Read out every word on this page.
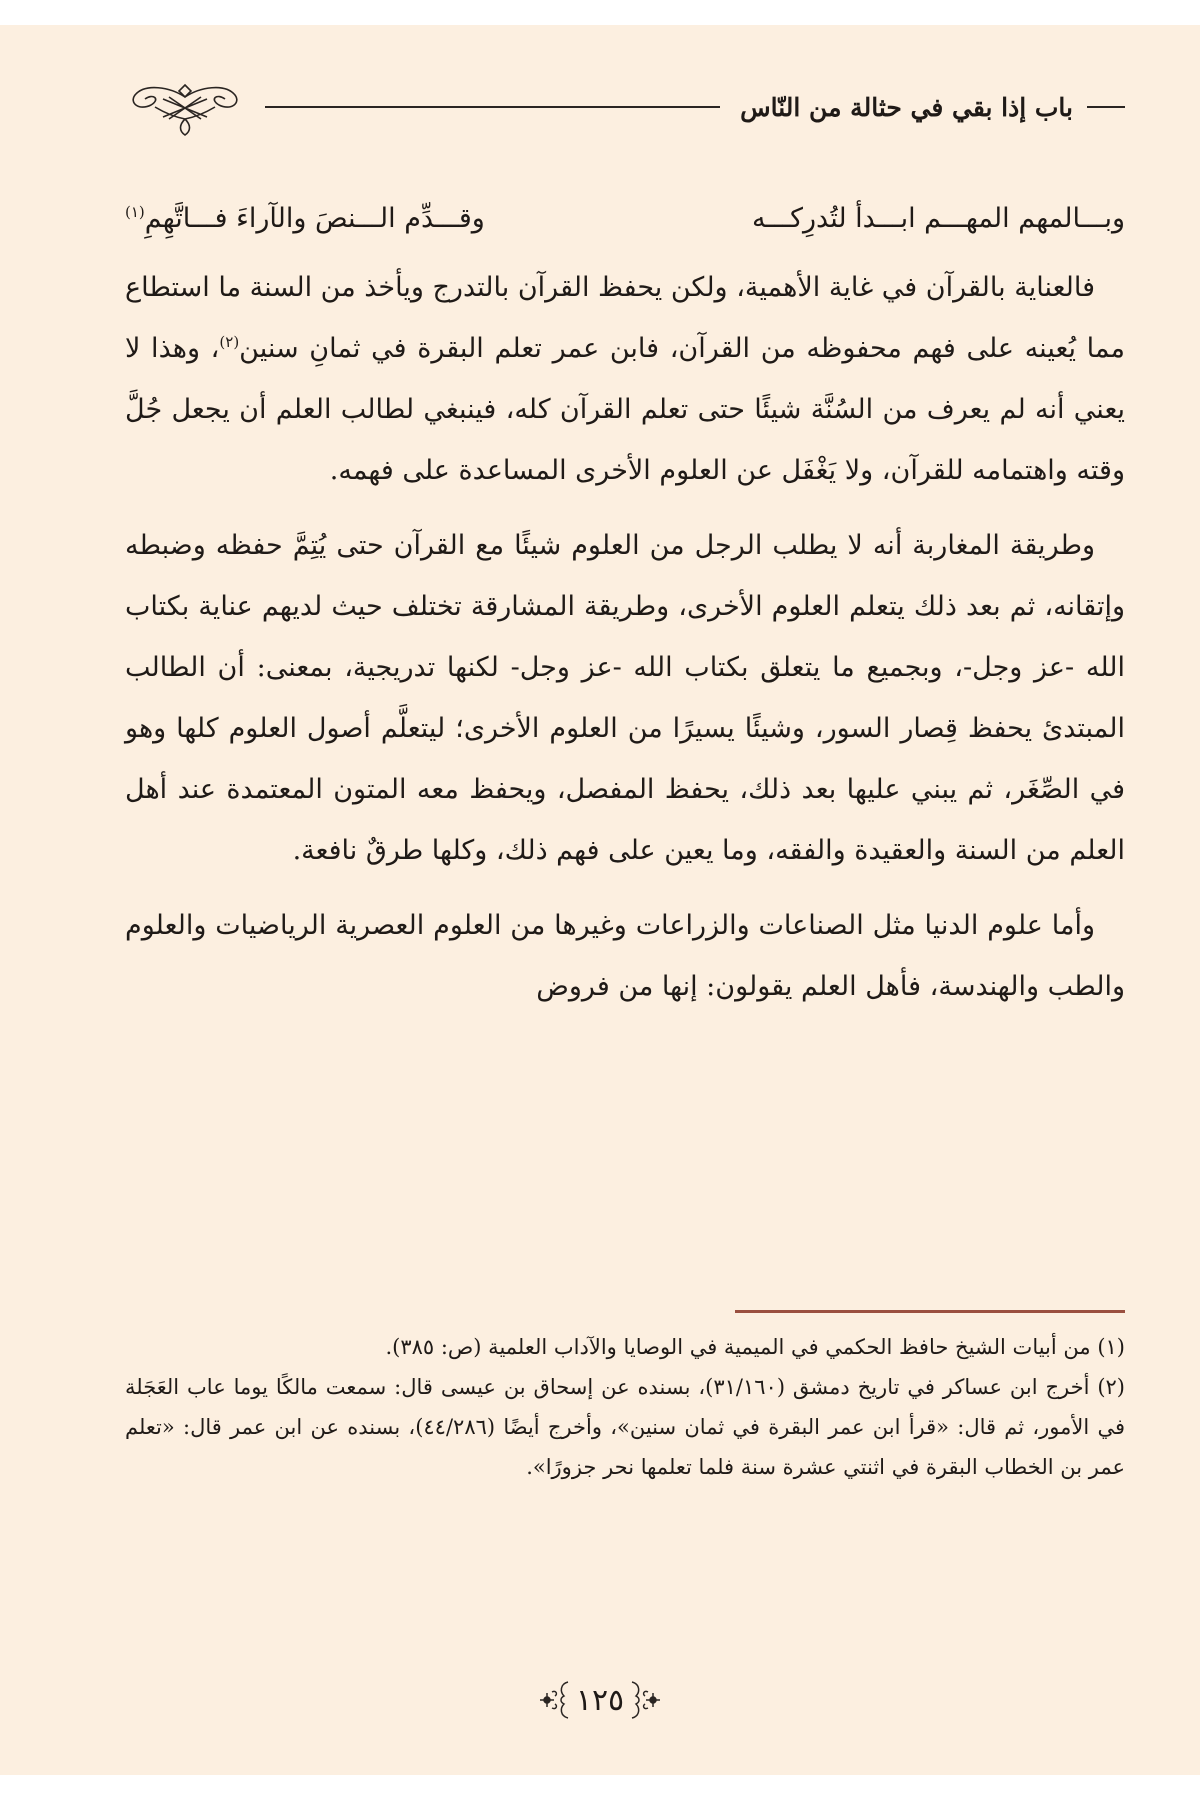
باب إذا بقي في حثالة من النّاس
وبـــالمهم المهـــم ابـــدأ لتُدرِكـــه
وقـــدِّم الـــنصَ والآراءَ فـــاتَّهِمِ$^{(١)}$

فالعناية بالقرآن في غاية الأهمية، ولكن يحفظ القرآن بالتدرج ويأخذ من السنة ما استطاع مما يُعينه على فهم محفوظه من القرآن، فابن عمر تعلم البقرة في ثمانِ سنين$^{(٢)}$، وهذا لا يعني أنه لم يعرف من السُنَّة شيئًا حتى تعلم القرآن كله، فينبغي لطالب العلم أن يجعل جُلَّ وقته واهتمامه للقرآن، ولا يَغْفَل عن العلوم الأخرى المساعدة على فهمه.

وطريقة المغاربة أنه لا يطلب الرجل من العلوم شيئًا مع القرآن حتى يُتِمَّ حفظه وضبطه وإتقانه، ثم بعد ذلك يتعلم العلوم الأخرى، وطريقة المشارقة تختلف حيث لديهم عناية بكتاب الله -عز وجل-، وبجميع ما يتعلق بكتاب الله -عز وجل- لكنها تدريجية، بمعنى: أن الطالب المبتدئ يحفظ قِصار السور، وشيئًا يسيرًا من العلوم الأخرى؛ ليتعلَّم أصول العلوم كلها وهو في الصِّغَر، ثم يبني عليها بعد ذلك، يحفظ المفصل، ويحفظ معه المتون المعتمدة عند أهل العلم من السنة والعقيدة والفقه، وما يعين على فهم ذلك، وكلها طرقٌ نافعة.

وأما علوم الدنيا مثل الصناعات والزراعات وغيرها من العلوم العصرية الرياضيات والعلوم والطب والهندسة، فأهل العلم يقولون: إنها من فروض

(١) من أبيات الشيخ حافظ الحكمي في الميمية في الوصايا والآداب العلمية (ص: ٣٨٥).

(٢) أخرج ابن عساكر في تاريخ دمشق (٣١/١٦٠)، بسنده عن إسحاق بن عيسى قال: سمعت مالكًا يوما عاب العَجَلة في الأمور، ثم قال: «قرأ ابن عمر البقرة في ثمان سنين»، وأخرج أيضًا (٤٤/٢٨٦)، بسنده عن ابن عمر قال: «تعلم عمر بن الخطاب البقرة في اثنتي عشرة سنة فلما تعلمها نحر جزورًا».

١٢٥
